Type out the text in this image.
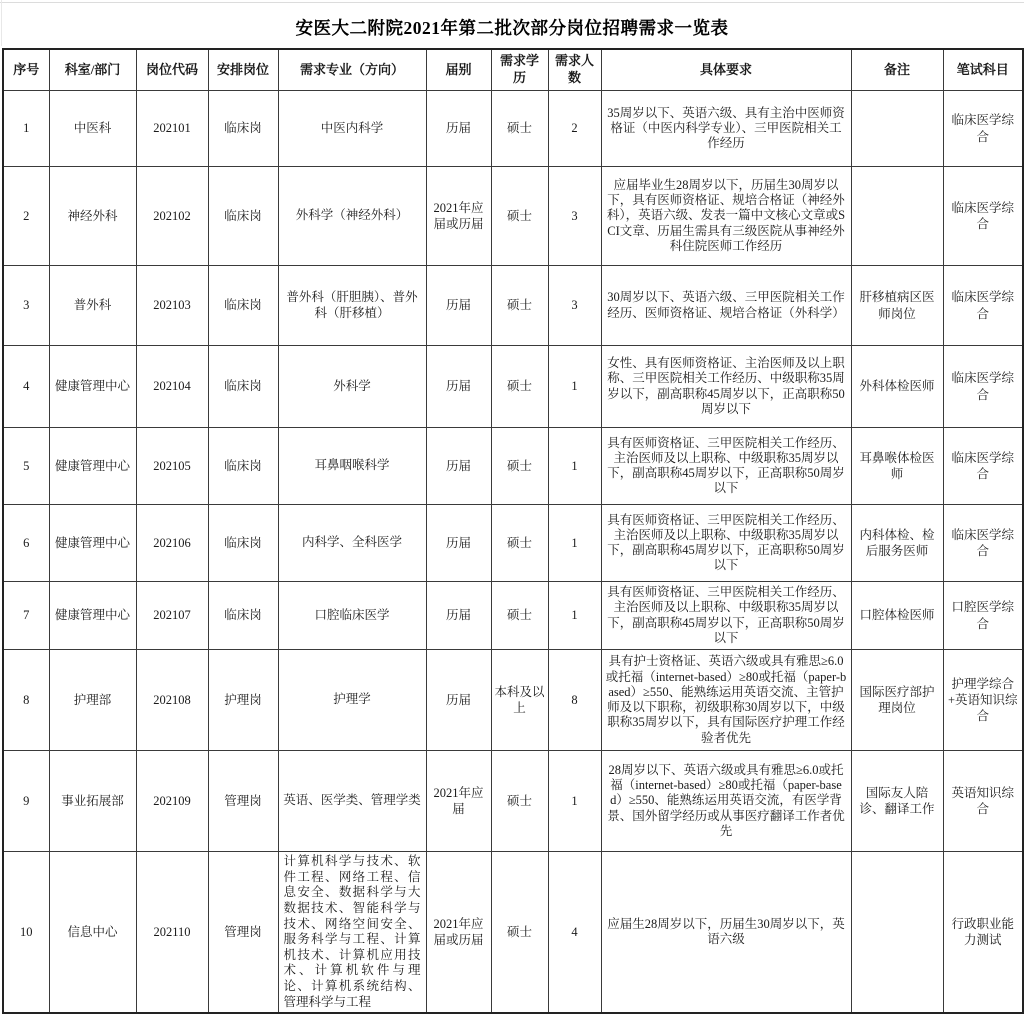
安医大二附院2021年第二批次部分岗位招聘需求一览表
序号	科室/部门	岗位代码	安排岗位	需求专业（方向）	届别	需求学历	需求人数	具体要求	备注	笔试科目
1	中医科	202101	临床岗	中医内科学	历届	硕士	2	35周岁以下、英语六级、具有主治中医师资格证（中医内科学专业）、三甲医院相关工作经历		临床医学综合
2	神经外科	202102	临床岗	外科学（神经外科）	2021年应届或历届	硕士	3	应届毕业生28周岁以下，历届生30周岁以下，具有医师资格证、规培合格证（神经外科），英语六级、发表一篇中文核心文章或SCI文章、历届生需具有三级医院从事神经外科住院医师工作经历		临床医学综合
3	普外科	202103	临床岗	普外科（肝胆胰）、普外科（肝移植）	历届	硕士	3	30周岁以下、英语六级、三甲医院相关工作经历、医师资格证、规培合格证（外科学）	肝移植病区医师岗位	临床医学综合
4	健康管理中心	202104	临床岗	外科学	历届	硕士	1	女性、具有医师资格证、主治医师及以上职称、三甲医院相关工作经历、中级职称35周岁以下，副高职称45周岁以下，正高职称50周岁以下	外科体检医师	临床医学综合
5	健康管理中心	202105	临床岗	耳鼻咽喉科学	历届	硕士	1	具有医师资格证、三甲医院相关工作经历、主治医师及以上职称、中级职称35周岁以下，副高职称45周岁以下，正高职称50周岁以下	耳鼻喉体检医师	临床医学综合
6	健康管理中心	202106	临床岗	内科学、全科医学	历届	硕士	1	具有医师资格证、三甲医院相关工作经历、主治医师及以上职称、中级职称35周岁以下，副高职称45周岁以下，正高职称50周岁以下	内科体检、检后服务医师	临床医学综合
7	健康管理中心	202107	临床岗	口腔临床医学	历届	硕士	1	具有医师资格证、三甲医院相关工作经历、主治医师及以上职称、中级职称35周岁以下，副高职称45周岁以下，正高职称50周岁以下	口腔体检医师	口腔医学综合
8	护理部	202108	护理岗	护理学	历届	本科及以上	8	具有护士资格证、英语六级或具有雅思≥6.0或托福（internet-based）≥80或托福（paper-based）≥550、能熟练运用英语交流、主管护师及以下职称，初级职称30周岁以下，中级职称35周岁以下，具有国际医疗护理工作经验者优先	国际医疗部护理岗位	护理学综合+英语知识综合
9	事业拓展部	202109	管理岗	英语、医学类、管理学类	2021年应届	硕士	1	28周岁以下、英语六级或具有雅思≥6.0或托福（internet-based）≥80或托福（paper-based）≥550、能熟练运用英语交流，有医学背景、国外留学经历或从事医疗翻译工作者优先	国际友人陪诊、翻译工作	英语知识综合
10	信息中心	202110	管理岗	计算机科学与技术、软件工程、网络工程、信息安全、数据科学与大数据技术、智能科学与技术、网络空间安全、服务科学与工程、计算机技术、计算机应用技术、计算机软件与理论、计算机系统结构、管理科学与工程	2021年应届或历届	硕士	4	应届生28周岁以下，历届生30周岁以下，英语六级		行政职业能力测试
